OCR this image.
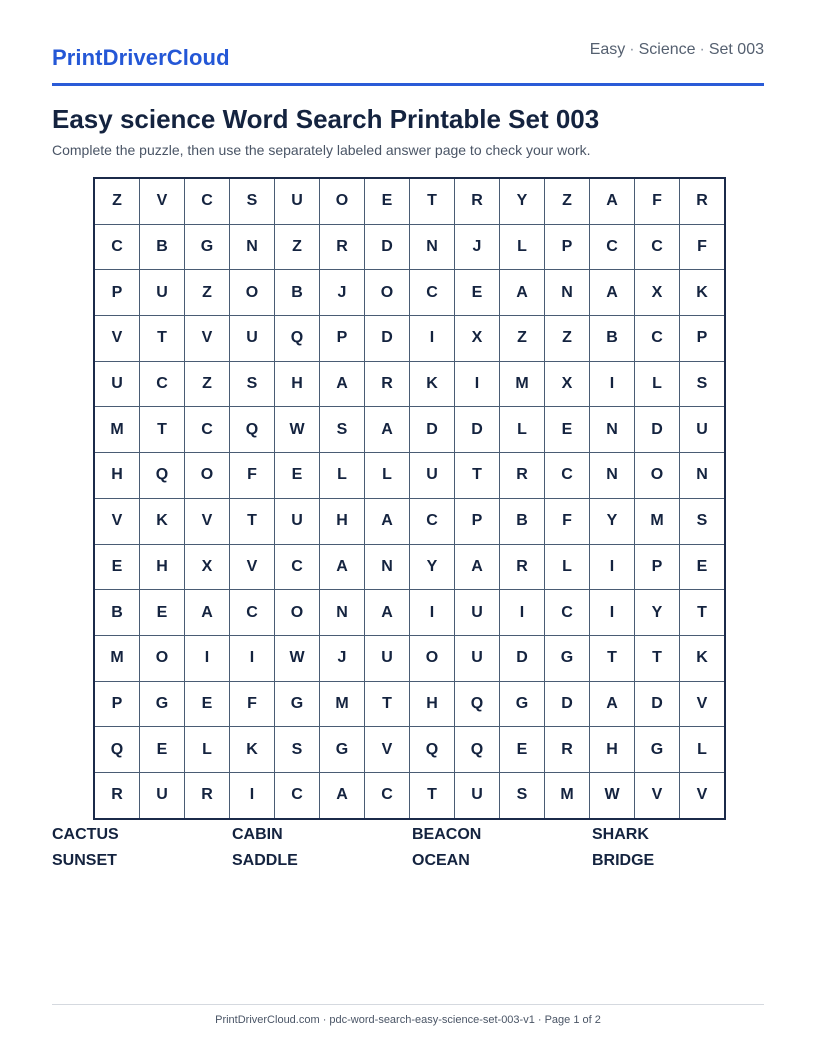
PrintDriverCloud	Easy · Science · Set 003
Easy science Word Search Printable Set 003
Complete the puzzle, then use the separately labeled answer page to check your work.
Z	V	C	S	U	O	E	T	R	Y	Z	A	F	R
C	B	G	N	Z	R	D	N	J	L	P	C	C	F
P	U	Z	O	B	J	O	C	E	A	N	A	X	K
V	T	V	U	Q	P	D	I	X	Z	Z	B	C	P
U	C	Z	S	H	A	R	K	I	M	X	I	L	S
M	T	C	Q	W	S	A	D	D	L	E	N	D	U
H	Q	O	F	E	L	L	U	T	R	C	N	O	N
V	K	V	T	U	H	A	C	P	B	F	Y	M	S
E	H	X	V	C	A	N	Y	A	R	L	I	P	E
B	E	A	C	O	N	A	I	U	I	C	I	Y	T
M	O	I	I	W	J	U	O	U	D	G	T	T	K
P	G	E	F	G	M	T	H	Q	G	D	A	D	V
Q	E	L	K	S	G	V	Q	Q	E	R	H	G	L
R	U	R	I	C	A	C	T	U	S	M	W	V	V
CACTUS	CABIN	BEACON	SHARK
SUNSET	SADDLE	OCEAN	BRIDGE
PrintDriverCloud.com · pdc-word-search-easy-science-set-003-v1 · Page 1 of 2
